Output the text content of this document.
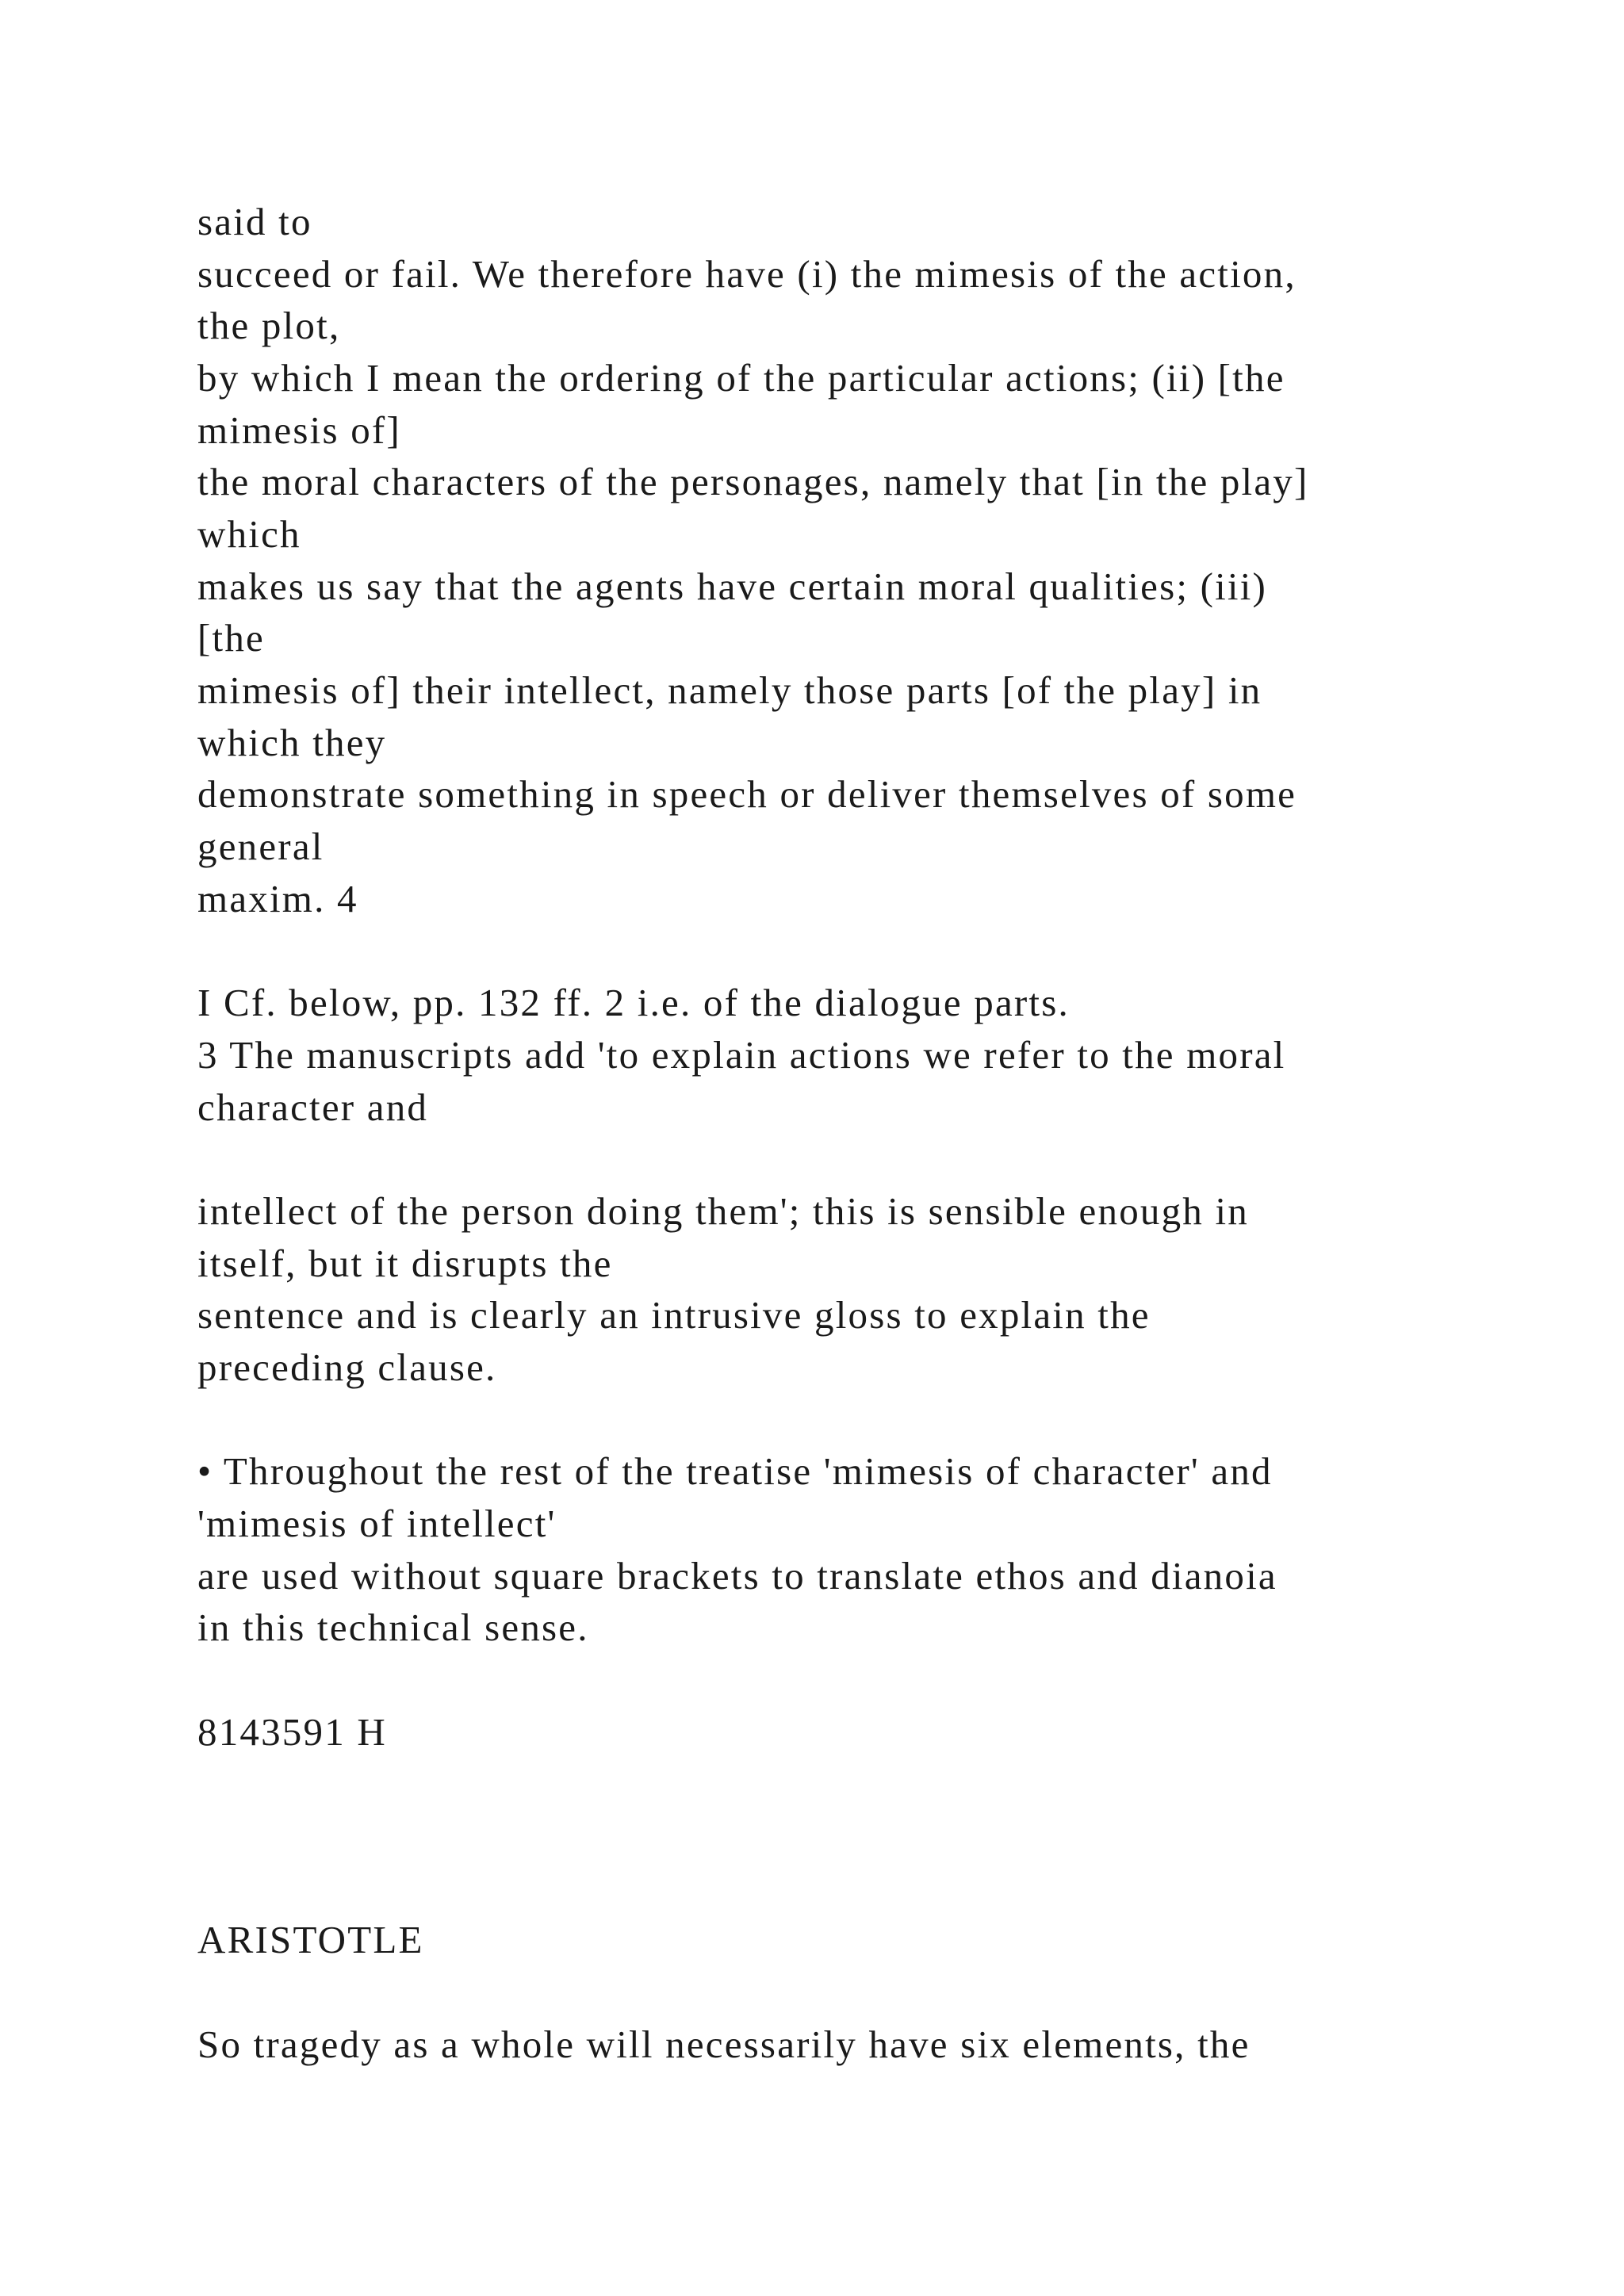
said to

succeed or fail. We therefore have (i) the mimesis of the action,

the plot,

by which I mean the ordering of the particular actions; (ii) [the

mimesis of]

the moral characters of the personages, namely that [in the play]

which

makes us say that the agents have certain moral qualities; (iii)

[the

mimesis of] their intellect, namely those parts [of the play] in

which they

demonstrate something in speech or deliver themselves of some

general

maxim. 4

I Cf. below, pp. 132 ff. 2 i.e. of the dialogue parts.

3 The manuscripts add 'to explain actions we refer to the moral

character and

intellect of the person doing them'; this is sensible enough in

itself, but it disrupts the

sentence and is clearly an intrusive gloss to explain the

preceding clause.

• Throughout the rest of the treatise 'mimesis of character' and

'mimesis of intellect'

are used without square brackets to translate ethos and dianoia

in this technical sense.

8143591 H

ARISTOTLE

So tragedy as a whole will necessarily have six elements, the
